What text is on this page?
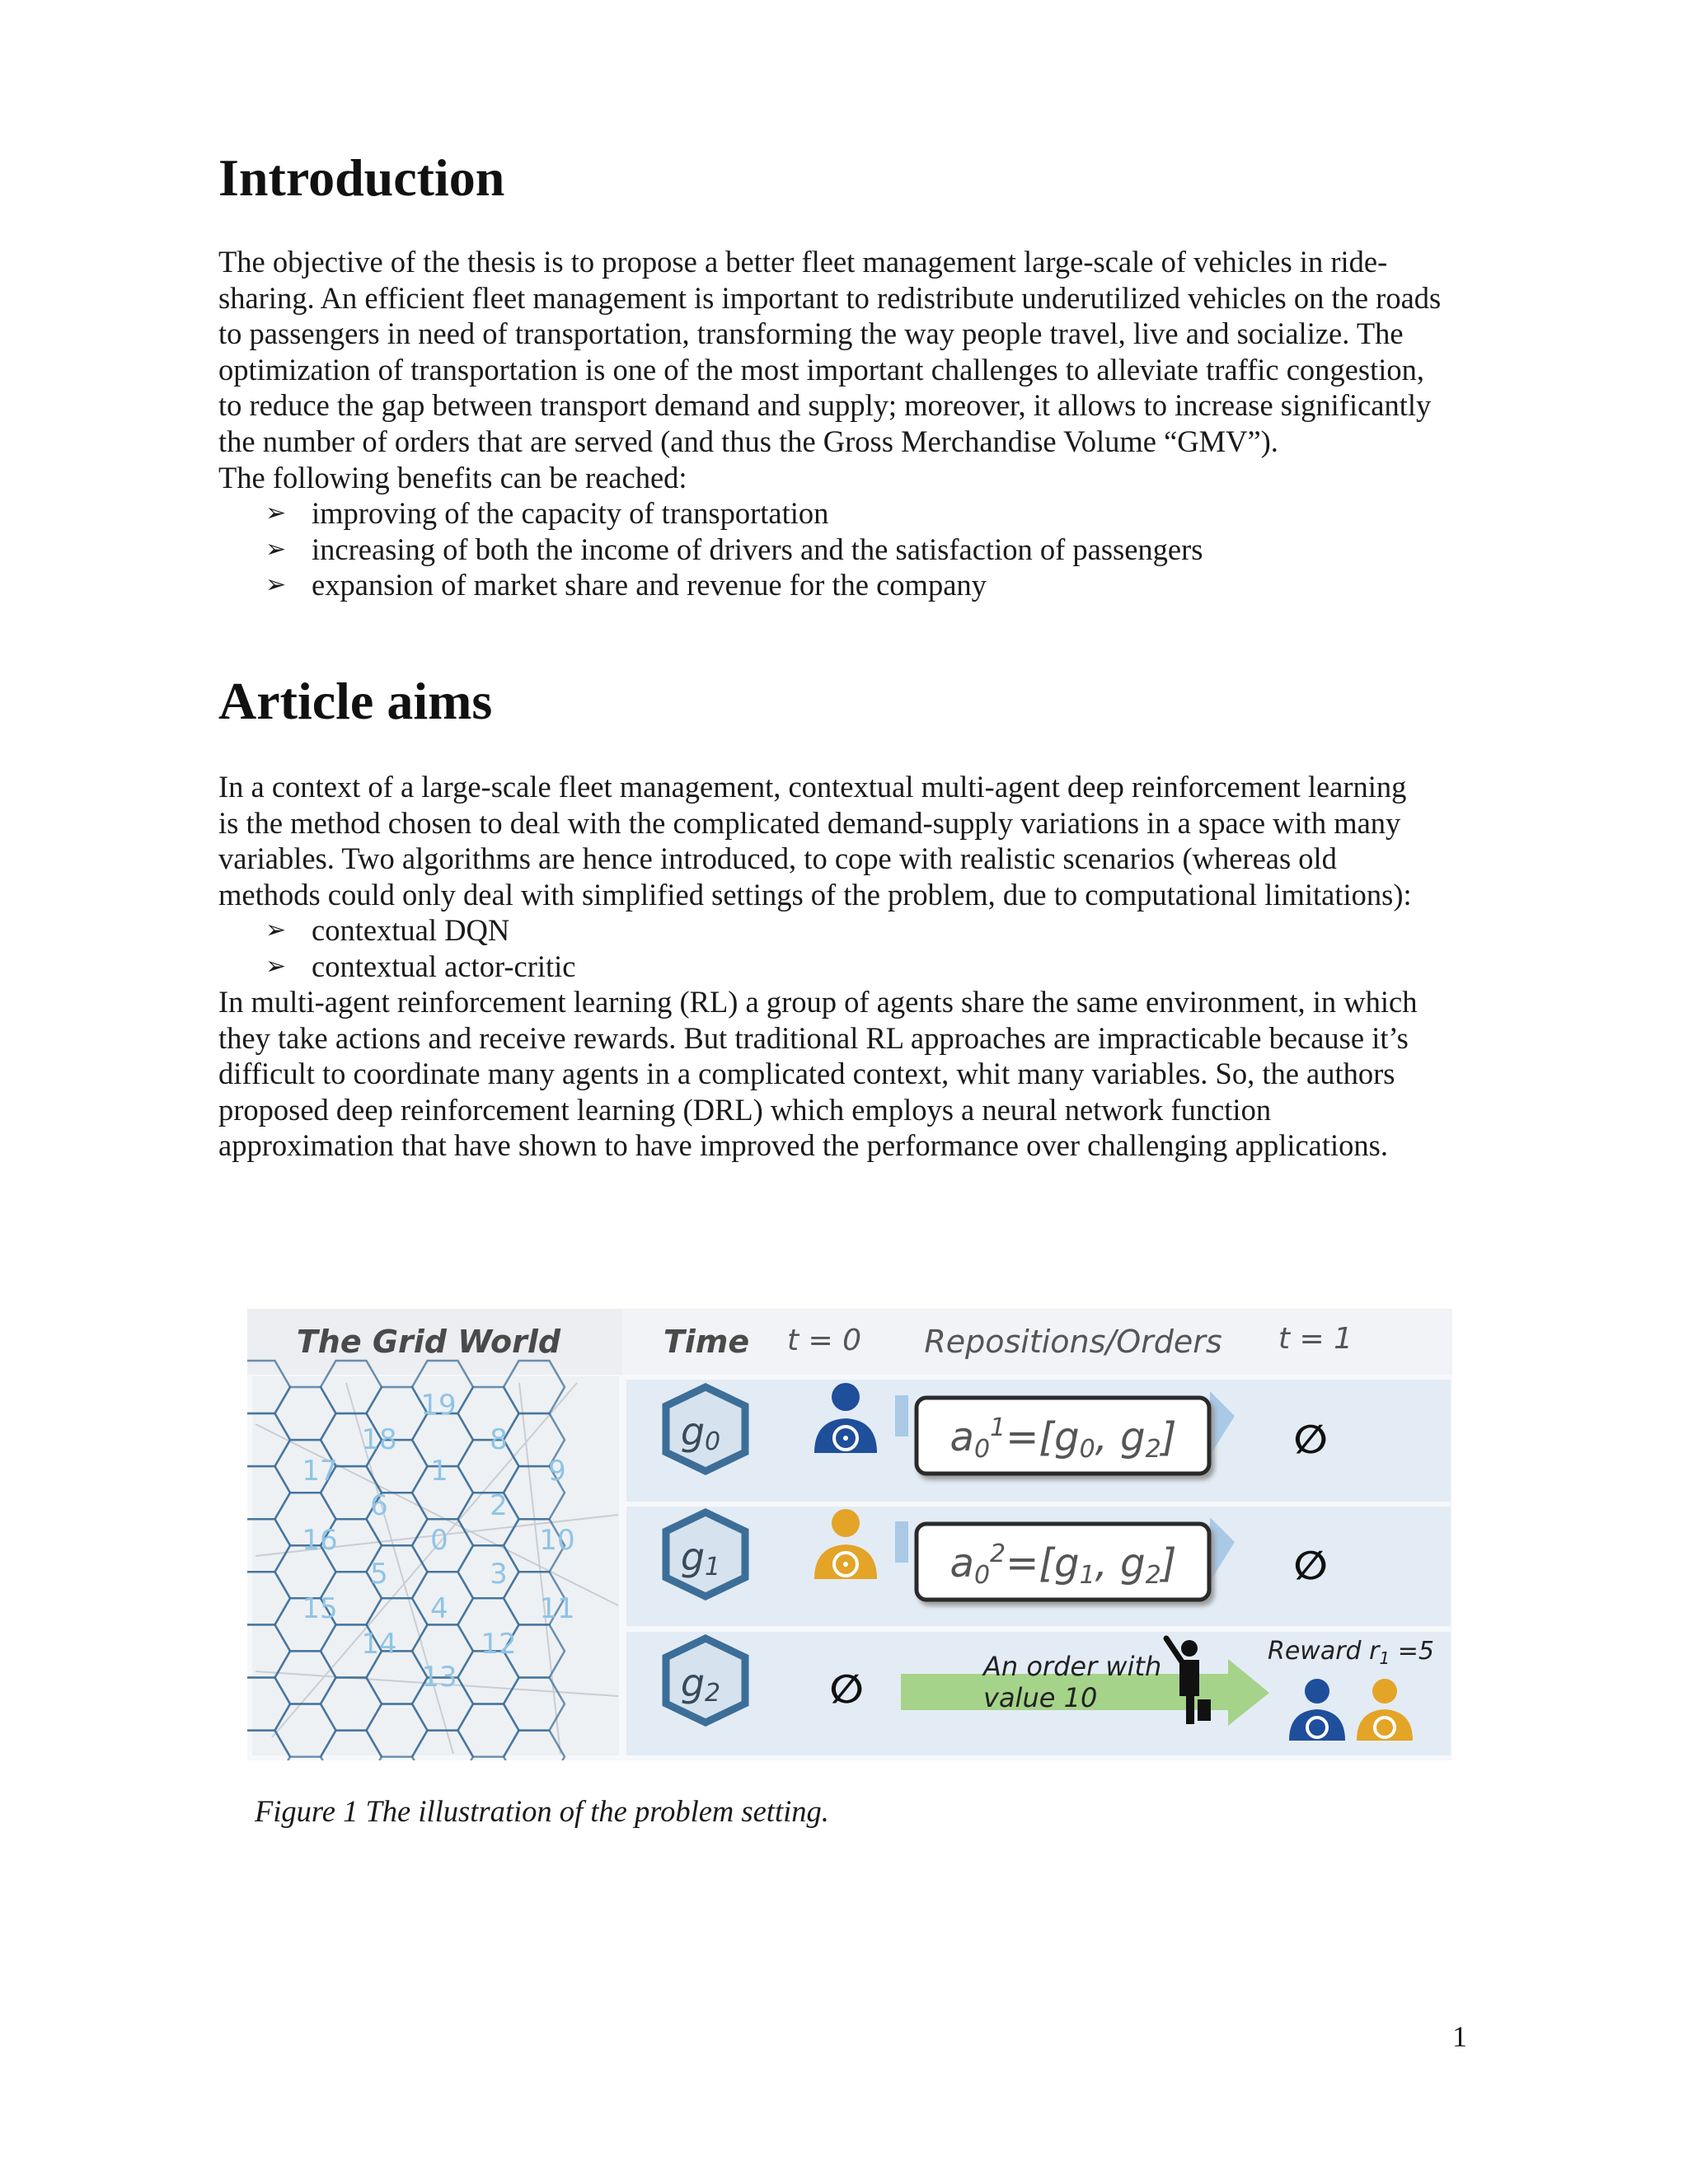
Introduction
The objective of the thesis is to propose a better fleet management large-scale of vehicles in ride-
sharing. An efficient fleet management is important to redistribute underutilized vehicles on the roads
to passengers in need of transportation, transforming the way people travel, live and socialize. The
optimization of transportation is one of the most important challenges to alleviate traffic congestion,
to reduce the gap between transport demand and supply; moreover, it allows to increase significantly
the number of orders that are served (and thus the Gross Merchandise Volume “GMV”).
The following benefits can be reached:
➢ improving of the capacity of transportation
➢ increasing of both the income of drivers and the satisfaction of passengers
➢ expansion of market share and revenue for the company
Article aims
In a context of a large-scale fleet management, contextual multi-agent deep reinforcement learning
is the method chosen to deal with the complicated demand-supply variations in a space with many
variables. Two algorithms are hence introduced, to cope with realistic scenarios (whereas old
methods could only deal with simplified settings of the problem, due to computational limitations):
➢ contextual DQN
➢ contextual actor-critic
In multi-agent reinforcement learning (RL) a group of agents share the same environment, in which
they take actions and receive rewards. But traditional RL approaches are impracticable because it’s
difficult to coordinate many agents in a complicated context, whit many variables. So, the authors
proposed deep reinforcement learning (DRL) which employs a neural network function
approximation that have shown to have improved the performance over challenging applications.
The Grid World	Time t = 0 Repositions/Orders t = 1
19
18	8
17	1	9
6	2
16	0	10
5	3
15	4	11
14	12
13
g0
g1
g2	∅
$a0^1=[g0$, g2]
$a0^2=[g1$, g2]
∅
∅
An order with
value 10
Reward $r_1 =5$

Figure 1 The illustration of the problem setting.

1
